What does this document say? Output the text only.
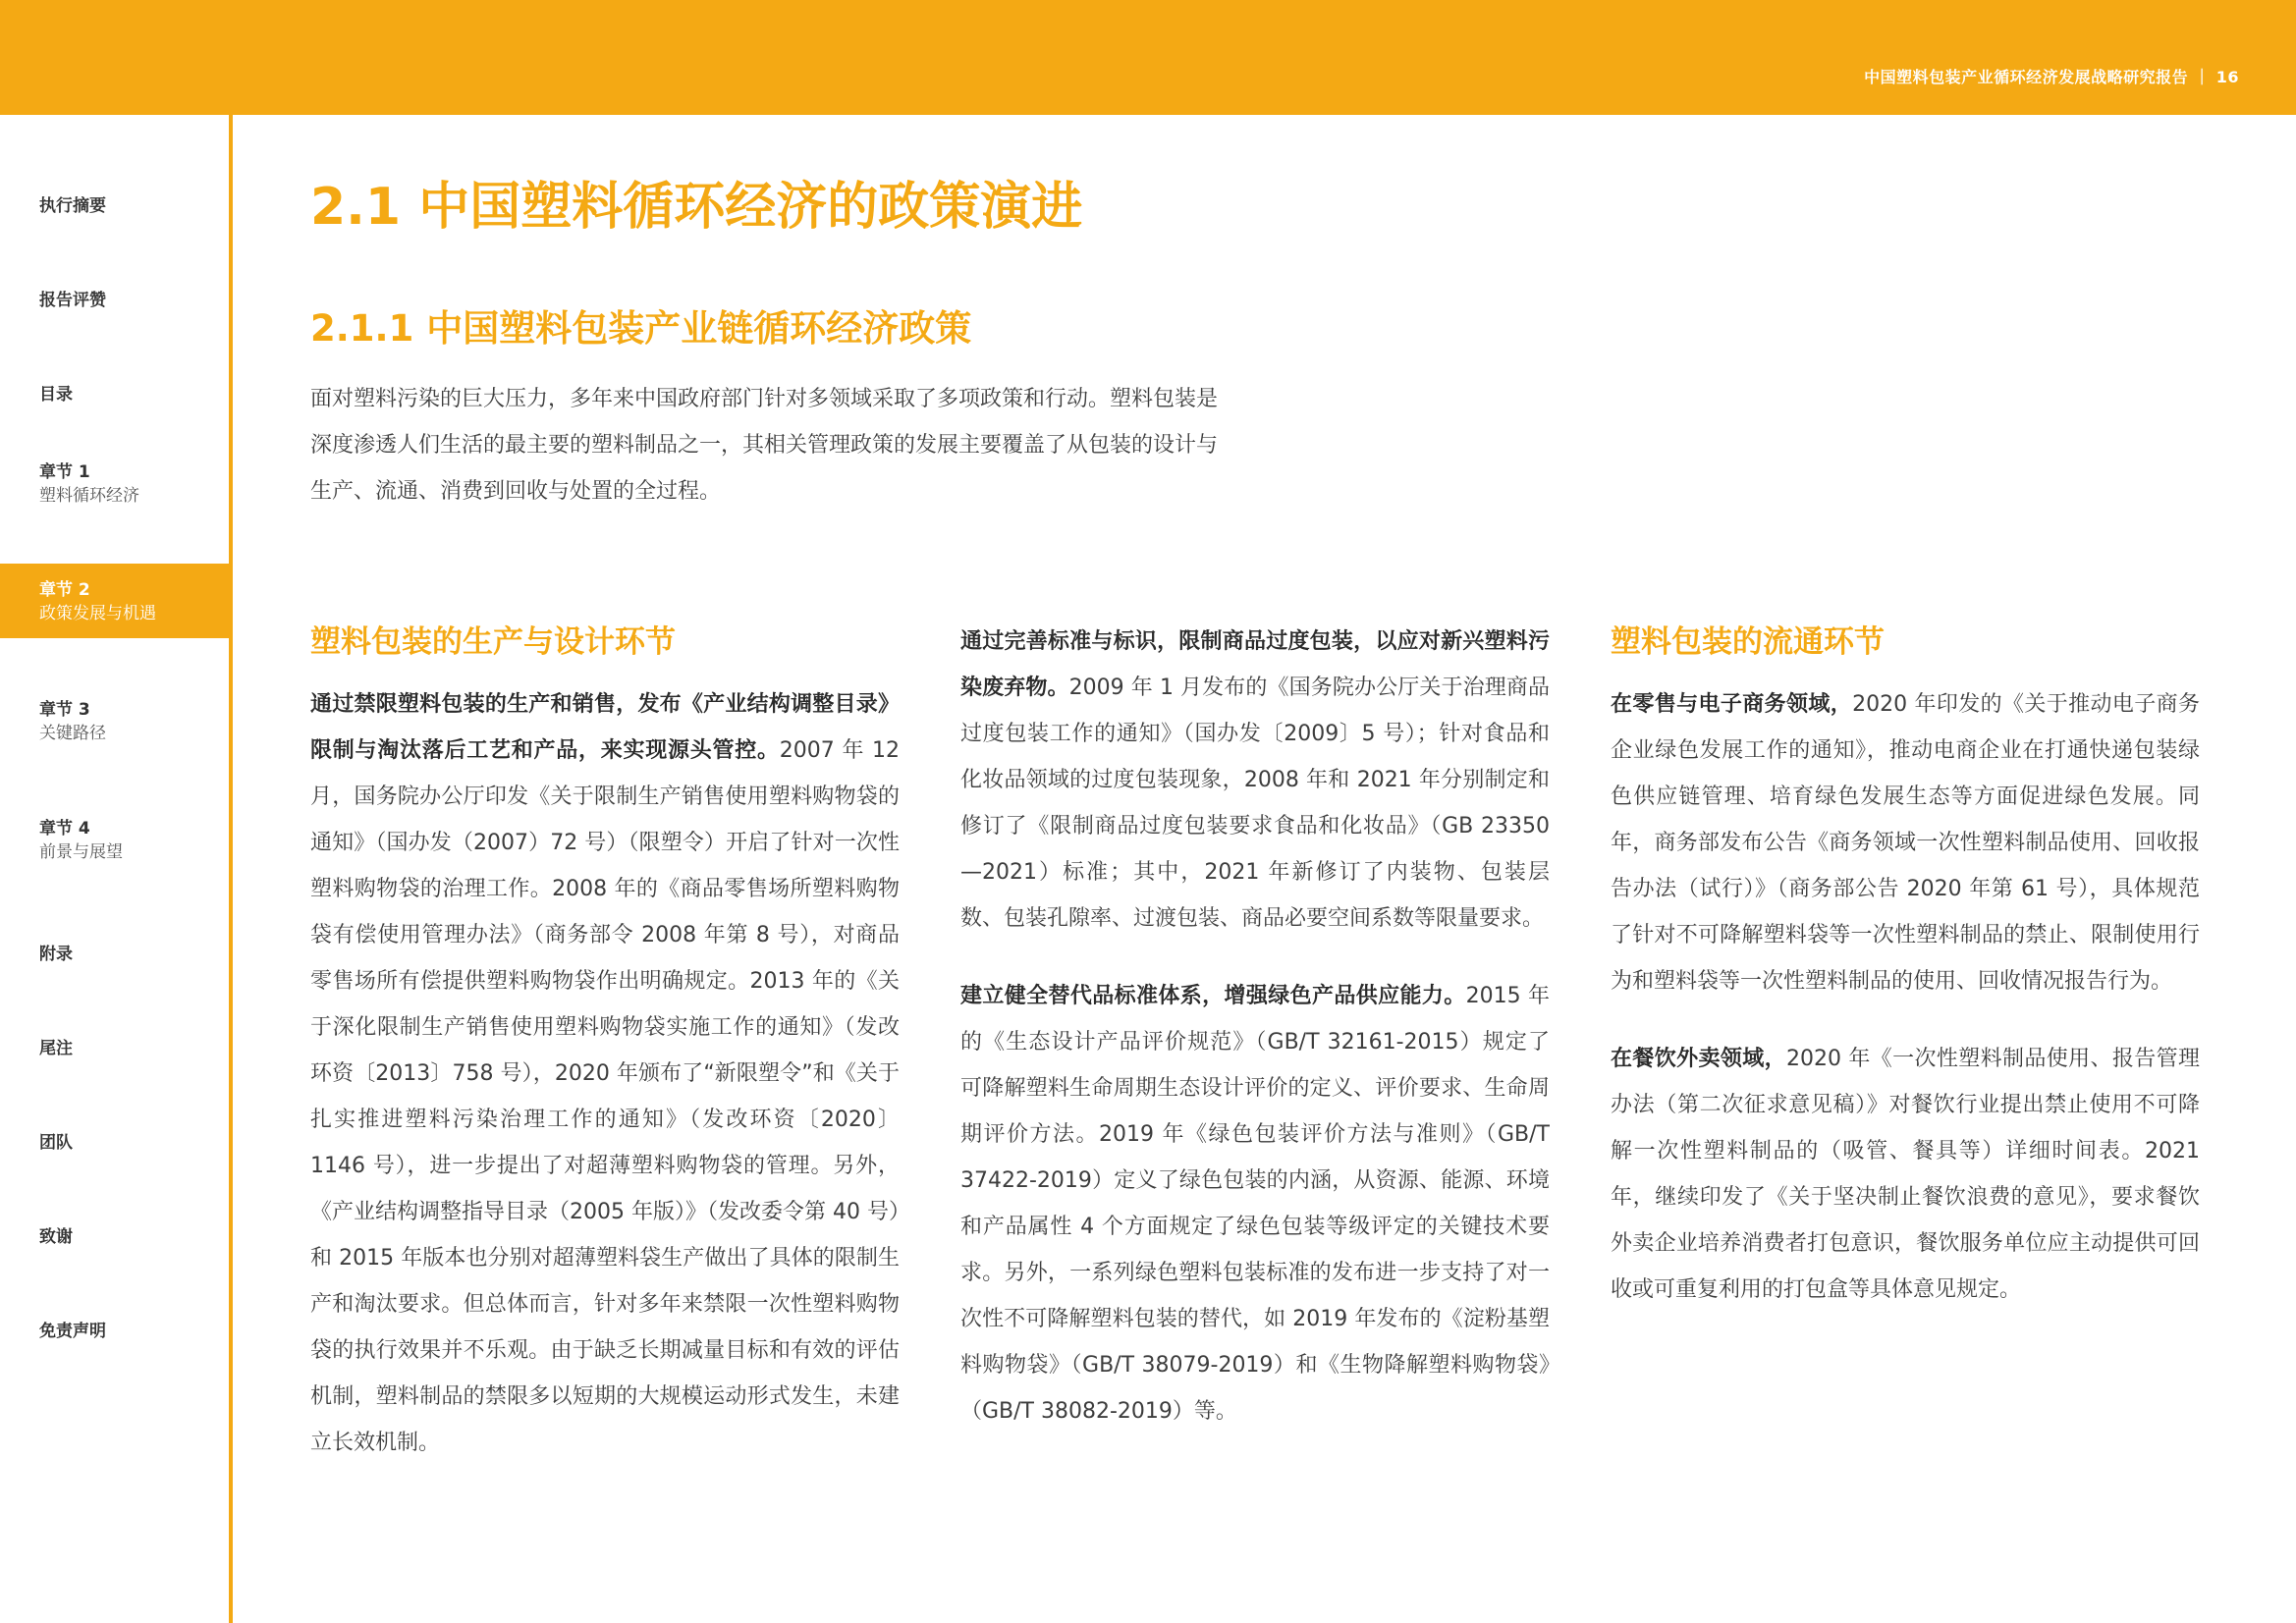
中国塑料包装产业循环经济发展战略研究报告 ｜ 16
执行摘要
报告评赞
目录
章节 1
塑料循环经济
章节 2
政策发展与机遇
章节 3
关键路径
章节 4
前景与展望
附录
尾注
团队
致谢
免责声明
2.1 中国塑料循环经济的政策演进
2.1.1 中国塑料包装产业链循环经济政策

面对塑料污染的巨大压力，多年来中国政府部门针对多领域采取了多项政策和行动。塑料包装是深度渗透人们生活的最主要的塑料制品之一，其相关管理政策的发展主要覆盖了从包装的设计与生产、流通、消费到回收与处置的全过程。

塑料包装的生产与设计环节

通过禁限塑料包装的生产和销售，发布《产业结构调整目录》限制与淘汰落后工艺和产品，来实现源头管控。2007 年 12 月，国务院办公厅印发《关于限制生产销售使用塑料购物袋的通知》（国办发（2007）72 号）（限塑令）开启了针对一次性塑料购物袋的治理工作。2008 年的《商品零售场所塑料购物袋有偿使用管理办法》（商务部令 2008 年第 8 号），对商品零售场所有偿提供塑料购物袋作出明确规定。2013 年的《关于深化限制生产销售使用塑料购物袋实施工作的通知》（发改环资〔2013〕758 号），2020 年颁布了“新限塑令”和《关于扎实推进塑料污染治理工作的通知》（发改环资〔2020〕1146 号），进一步提出了对超薄塑料购物袋的管理。另外，《产业结构调整指导目录（2005 年版）》（发改委令第 40 号）和 2015 年版本也分别对超薄塑料袋生产做出了具体的限制生产和淘汰要求。但总体而言，针对多年来禁限一次性塑料购物袋的执行效果并不乐观。由于缺乏长期减量目标和有效的评估机制，塑料制品的禁限多以短期的大规模运动形式发生，未建立长效机制。

通过完善标准与标识，限制商品过度包装，以应对新兴塑料污染废弃物。2009 年 1 月发布的《国务院办公厅关于治理商品过度包装工作的通知》（国办发〔2009〕5 号）；针对食品和化妆品领域的过度包装现象，2008 年和 2021 年分别制定和修订了《限制商品过度包装要求食品和化妆品》（GB 23350—2021）标准；其中，2021 年新修订了内装物、包装层数、包装孔隙率、过渡包装、商品必要空间系数等限量要求。

建立健全替代品标准体系，增强绿色产品供应能力。2015 年的《生态设计产品评价规范》（GB/T 32161-2015）规定了可降解塑料生命周期生态设计评价的定义、评价要求、生命周期评价方法。2019 年《绿色包装评价方法与准则》（GB/T 37422-2019）定义了绿色包装的内涵，从资源、能源、环境和产品属性 4 个方面规定了绿色包装等级评定的关键技术要求。另外，一系列绿色塑料包装标准的发布进一步支持了对一次性不可降解塑料包装的替代，如 2019 年发布的《淀粉基塑料购物袋》（GB/T 38079-2019）和《生物降解塑料购物袋》（GB/T 38082-2019）等。

塑料包装的流通环节

在零售与电子商务领域，2020 年印发的《关于推动电子商务企业绿色发展工作的通知》，推动电商企业在打通快递包装绿色供应链管理、培育绿色发展生态等方面促进绿色发展。同年，商务部发布公告《商务领域一次性塑料制品使用、回收报告办法（试行）》（商务部公告 2020 年第 61 号），具体规范了针对不可降解塑料袋等一次性塑料制品的禁止、限制使用行为和塑料袋等一次性塑料制品的使用、回收情况报告行为。

在餐饮外卖领域，2020 年《一次性塑料制品使用、报告管理办法（第二次征求意见稿）》对餐饮行业提出禁止使用不可降解一次性塑料制品的（吸管、餐具等）详细时间表。2021 年，继续印发了《关于坚决制止餐饮浪费的意见》，要求餐饮外卖企业培养消费者打包意识，餐饮服务单位应主动提供可回收或可重复利用的打包盒等具体意见规定。
